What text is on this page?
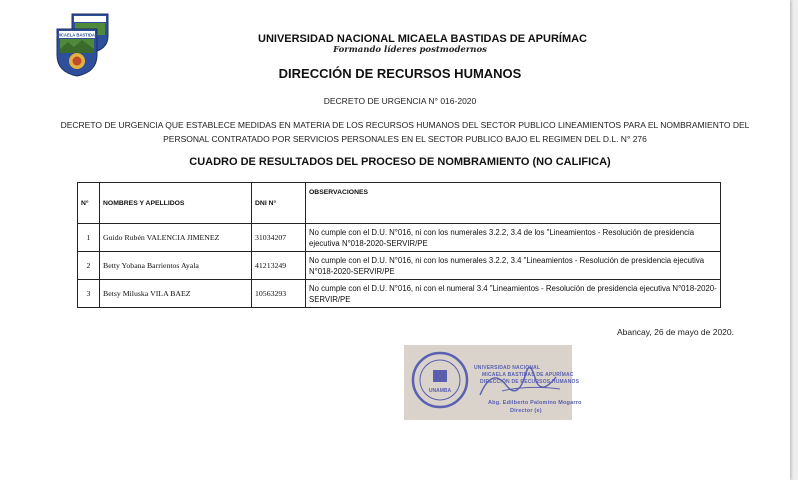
MICAELA BASTIDAS	UNIVERSIDAD NACIONAL MICAELA BASTIDAS DE APURÍMAC
Formando líderes postmodernos
DIRECCIÓN DE RECURSOS HUMANOS
DECRETO DE URGENCIA N° 016-2020
DECRETO DE URGENCIA QUE ESTABLECE MEDIDAS EN MATERIA DE LOS RECURSOS HUMANOS DEL SECTOR PUBLICO LINEAMIENTOS PARA EL NOMBRAMIENTO DEL PERSONAL CONTRATADO POR SERVICIOS PERSONALES EN EL SECTOR PUBLICO BAJO EL REGIMEN DEL D.L. N° 276
CUADRO DE RESULTADOS DEL PROCESO DE NOMBRAMIENTO (NO CALIFICA)
N°	NOMBRES Y APELLIDOS	DNI N°	OBSERVACIONES
1	Guido Rubén VALENCIA JIMENEZ	31034207	No cumple con el D.U. N°016, ni con los numerales 3.2.2, 3.4 de los "Lineamientos - Resolución de presidencia ejecutiva N°018-2020-SERVIR/PE
2	Betty Yobana Barrientos Ayala	41213249	No cumple con el D.U. N°016, ni con los numerales 3.2.2, 3.4 "Lineamientos - Resolución de presidencia ejecutiva N°018-2020-SERVIR/PE
3	Betsy Miluska VILA BAEZ	10563293	No cumple con el D.U. N°016, ni con el numeral 3.4 "Lineamientos - Resolución de presidencia ejecutiva N°018-2020-SERVIR/PE
Abancay, 26 de mayo de 2020.
UNAMBA
UNIVERSIDAD NACIONAL
MICAELA BASTIDAS DE APURÍMAC
DIRECCIÓN DE RECURSOS HUMANOS
Abg. Edilberto Palomino Mogarro
Director (e)
